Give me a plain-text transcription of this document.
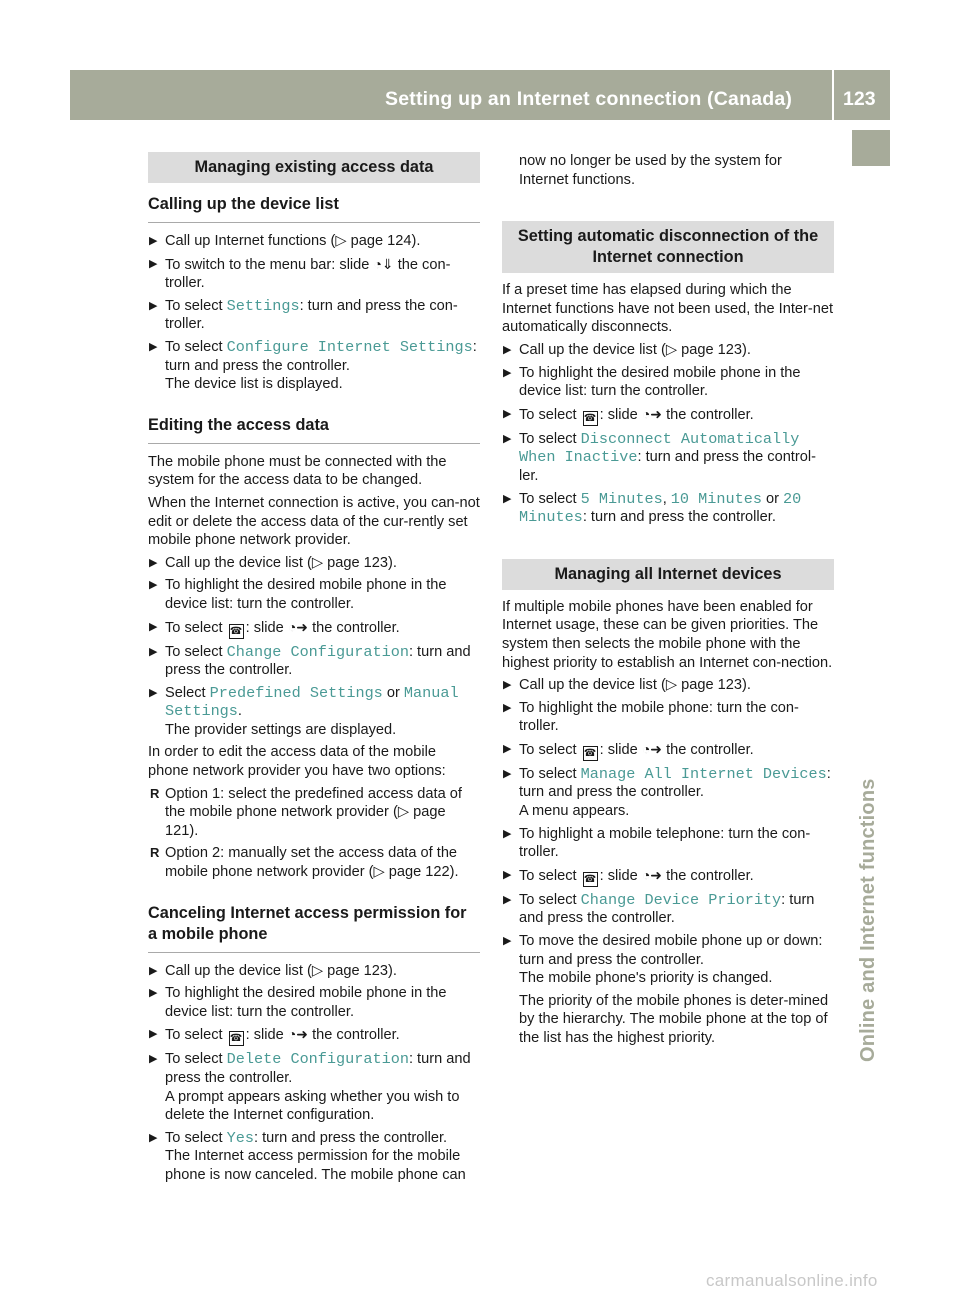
Setting up an Internet connection (Canada)	123
Online and Internet functions
Managing existing access data
Calling up the device list
▶ Call up Internet functions (▷ page 124).
▶ To switch to the menu bar: slide ◔⇓ the con-troller.
▶ To select Settings: turn and press the con-troller.
▶ To select Configure Internet Settings:
turn and press the controller.
The device list is displayed.
Editing the access data
The mobile phone must be connected with the system for the access data to be changed.
When the Internet connection is active, you can-not edit or delete the access data of the cur-rently set mobile phone network provider.
▶ Call up the device list (▷ page 123).
▶ To highlight the desired mobile phone in the device list: turn the controller.
▶ To select ☎ : slide ◔➜ the controller.
▶ To select Change Configuration: turn and press the controller.
▶ Select Predefined Settings or Manual Settings.
The provider settings are displayed.
In order to edit the access data of the mobile phone network provider you have two options:
R Option 1: select the predefined access data of the mobile phone network provider (▷ page 121).
R Option 2: manually set the access data of the mobile phone network provider (▷ page 122).
Canceling Internet access permission for a mobile phone
▶ Call up the device list (▷ page 123).
▶ To highlight the desired mobile phone in the device list: turn the controller.
▶ To select ☎ : slide ◔➜ the controller.
▶ To select Delete Configuration: turn and press the controller.
A prompt appears asking whether you wish to delete the Internet configuration.
▶ To select Yes: turn and press the controller.
The Internet access permission for the mobile phone is now canceled. The mobile phone can
now no longer be used by the system for Internet functions.
Setting automatic disconnection of the Internet connection
If a preset time has elapsed during which the Internet functions have not been used, the Inter-net automatically disconnects.
▶ Call up the device list (▷ page 123).
▶ To highlight the desired mobile phone in the device list: turn the controller.
▶ To select ☎ : slide ◔➜ the controller.
▶ To select Disconnect Automatically When Inactive: turn and press the control-ler.
▶ To select 5 Minutes, 10 Minutes or 20 Minutes: turn and press the controller.
Managing all Internet devices
If multiple mobile phones have been enabled for Internet usage, these can be given priorities. The system then selects the mobile phone with the highest priority to establish an Internet con-nection.
▶ Call up the device list (▷ page 123).
▶ To highlight the mobile phone: turn the con-troller.
▶ To select ☎ : slide ◔➜ the controller.
▶ To select Manage All Internet Devices:
turn and press the controller.
A menu appears.
▶ To highlight a mobile telephone: turn the con-troller.
▶ To select ☎ : slide ◔➜ the controller.
▶ To select Change Device Priority: turn and press the controller.
▶ To move the desired mobile phone up or down: turn and press the controller.
The mobile phone's priority is changed.
The priority of the mobile phones is deter-mined by the hierarchy. The mobile phone at the top of the list has the highest priority.
carmanualsonline.info
